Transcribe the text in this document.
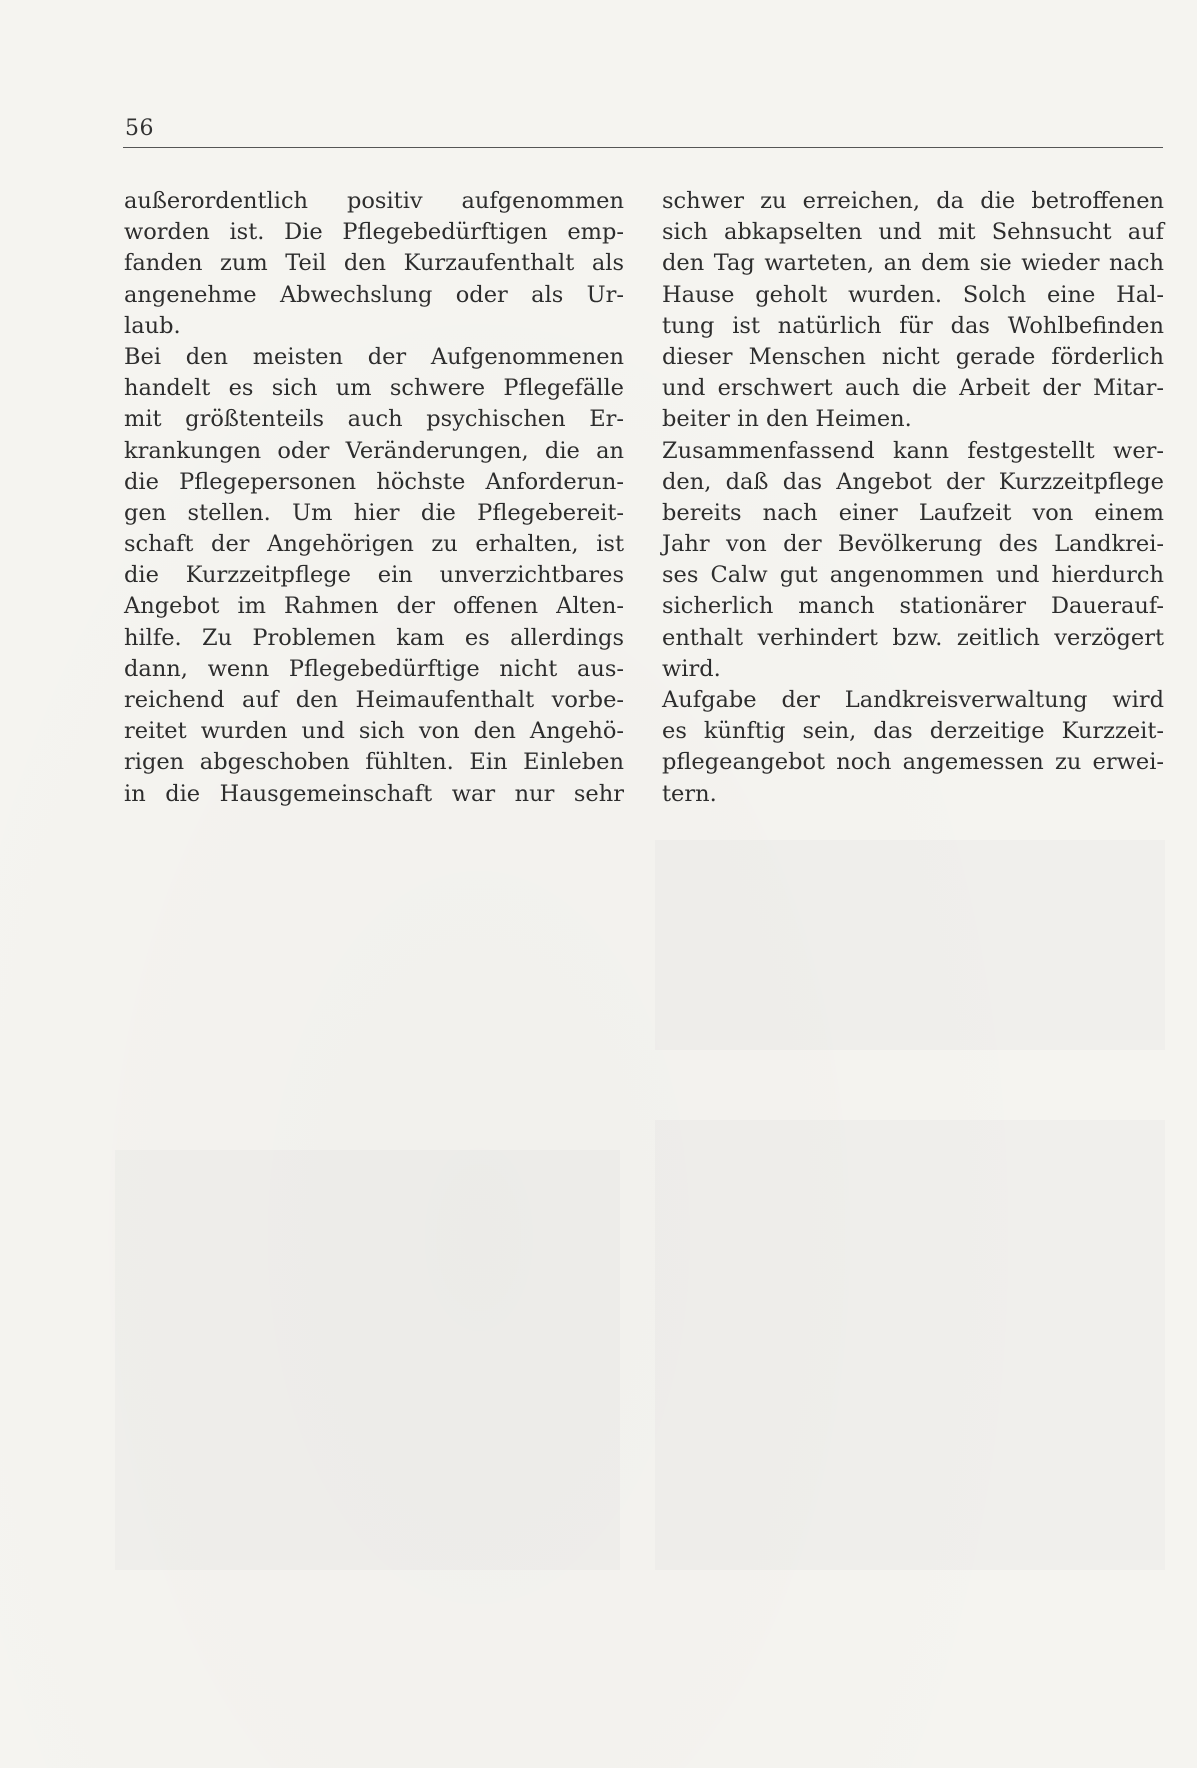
56
außerordentlich positiv aufgenommen
worden ist. Die Pflegebedürftigen emp-
fanden zum Teil den Kurzaufenthalt als
angenehme Abwechslung oder als Ur-
laub.
Bei den meisten der Aufgenommenen
handelt es sich um schwere Pflegefälle
mit größtenteils auch psychischen Er-
krankungen oder Veränderungen, die an
die Pflegepersonen höchste Anforderun-
gen stellen. Um hier die Pflegebereit-
schaft der Angehörigen zu erhalten, ist
die Kurzzeitpflege ein unverzichtbares
Angebot im Rahmen der offenen Alten-
hilfe. Zu Problemen kam es allerdings
dann, wenn Pflegebedürftige nicht aus-
reichend auf den Heimaufenthalt vorbe-
reitet wurden und sich von den Angehö-
rigen abgeschoben fühlten. Ein Einleben
in die Hausgemeinschaft war nur sehr
schwer zu erreichen, da die betroffenen
sich abkapselten und mit Sehnsucht auf
den Tag warteten, an dem sie wieder nach
Hause geholt wurden. Solch eine Hal-
tung ist natürlich für das Wohlbefinden
dieser Menschen nicht gerade förderlich
und erschwert auch die Arbeit der Mitar-
beiter in den Heimen.
Zusammenfassend kann festgestellt wer-
den, daß das Angebot der Kurzzeitpflege
bereits nach einer Laufzeit von einem
Jahr von der Bevölkerung des Landkrei-
ses Calw gut angenommen und hierdurch
sicherlich manch stationärer Dauerauf-
enthalt verhindert bzw. zeitlich verzögert
wird.
Aufgabe der Landkreisverwaltung wird
es künftig sein, das derzeitige Kurzzeit-
pflegeangebot noch angemessen zu erwei-
tern.
